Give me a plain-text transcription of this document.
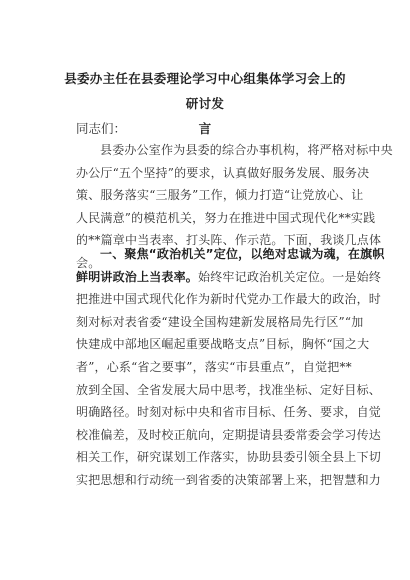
县委办主任在县委理论学习中心组集体学习会上的研讨发
言
同志们：
县委办公室作为县委的综合办事机构，将严格对标中央
办公厅“五个坚持”的要求，认真做好服务发展、服务决
策、服务落实“三服务”工作，倾力打造“让党放心、让
人民满意”的模范机关，努力在推进中国式现代化**实践
的**篇章中当表率、打头阵、作示范。下面，我谈几点体
会。
一、聚焦“政治机关”定位，以绝对忠诚为魂，在旗帜
鲜明讲政治上当表率。始终牢记政治机关定位。一是始终
把推进中国式现代化作为新时代党办工作最大的政治，时
刻对标对表省委“建设全国构建新发展格局先行区”“加
快建成中部地区崛起重要战略支点”目标，胸怀“国之大
者”，心系“省之要事”，落实“市县重点”，自觉把**
放到全国、全省发展大局中思考，找准坐标、定好目标、
明确路径。时刻对标中央和省市目标、任务、要求，自觉
校准偏差，及时校正航向，定期提请县委常委会学习传达
相关工作，研究谋划工作落实，协助县委引领全县上下切
实把思想和行动统一到省委的决策部署上来，把智慧和力
